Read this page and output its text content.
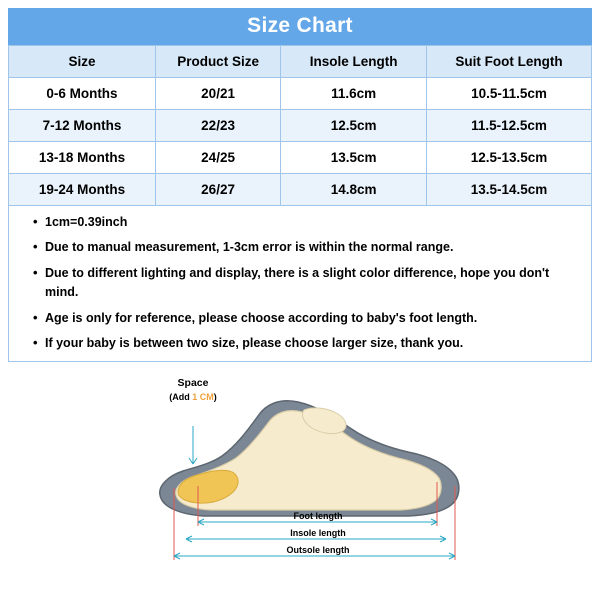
Size Chart
Size	Product Size	Insole Length	Suit Foot Length
0-6 Months	20/21	11.6cm	10.5-11.5cm
7-12 Months	22/23	12.5cm	11.5-12.5cm
13-18 Months	24/25	13.5cm	12.5-13.5cm
19-24 Months	26/27	14.8cm	13.5-14.5cm
• 1cm=0.39inch
• Due to manual measurement, 1-3cm error is within the normal range.
• Due to different lighting and display, there is a slight color difference, hope you don't mind.
• Age is only for reference, please choose according to baby's foot length.
• If your baby is between two size, please choose larger size, thank you.
Space
(Add 1 CM)
Foot length
Insole length
Outsole length
